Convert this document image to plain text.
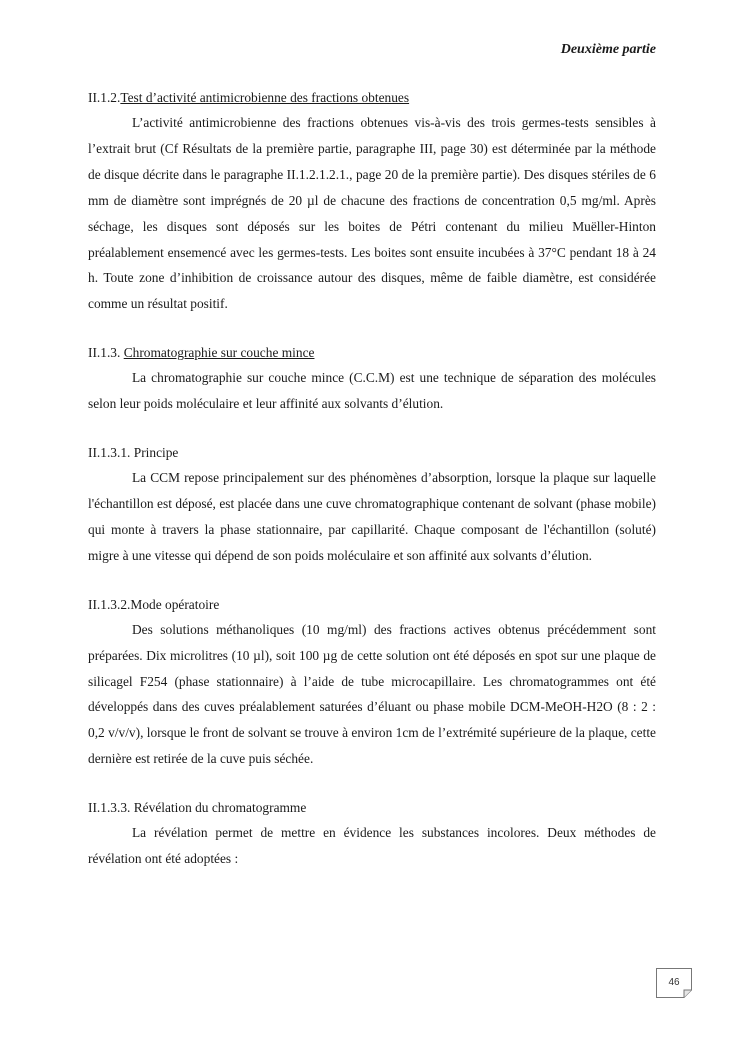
Deuxième partie
II.1.2.Test d’activité antimicrobienne des fractions obtenues

L’activité antimicrobienne des fractions obtenues vis-à-vis des trois germes-tests sensibles à l’extrait brut (Cf Résultats de la première partie, paragraphe III, page 30) est déterminée par la méthode de disque décrite dans le paragraphe II.1.2.1.2.1., page 20 de la première partie). Des disques stériles de 6 mm de diamètre sont imprégnés de 20 µl de chacune des fractions de concentration 0,5 mg/ml. Après séchage, les disques sont déposés sur les boites de Pétri contenant du milieu Muëller-Hinton préalablement ensemencé avec les germes-tests. Les boites sont ensuite incubées à 37°C pendant 18 à 24 h. Toute zone d’inhibition de croissance autour des disques, même de faible diamètre, est considérée comme un résultat positif.

II.1.3. Chromatographie sur couche mince

La chromatographie sur couche mince (C.C.M) est une technique de séparation des molécules selon leur poids moléculaire et leur affinité aux solvants d’élution.

II.1.3.1. Principe

La CCM repose principalement sur des phénomènes d’absorption, lorsque la plaque sur laquelle l'échantillon est déposé, est placée dans une cuve chromatographique contenant de solvant (phase mobile) qui monte à travers la phase stationnaire, par capillarité. Chaque composant de l'échantillon (soluté) migre à une vitesse qui dépend de son poids moléculaire et son affinité aux solvants d’élution.

II.1.3.2.Mode opératoire

Des solutions méthanoliques (10 mg/ml) des fractions actives obtenus précédemment sont préparées. Dix microlitres (10 µl), soit 100 µg de cette solution ont été déposés en spot sur une plaque de silicagel F254 (phase stationnaire) à l’aide de tube microcapillaire. Les chromatogrammes ont été développés dans des cuves préalablement saturées d’éluant ou phase mobile DCM-MeOH-H2O (8 : 2 : 0,2 v/v/v), lorsque le front de solvant se trouve à environ 1cm de l’extrémité supérieure de la plaque, cette dernière est retirée de la cuve puis séchée.

II.1.3.3. Révélation du chromatogramme

La révélation permet de mettre en évidence les substances incolores. Deux méthodes de révélation ont été adoptées :

46
